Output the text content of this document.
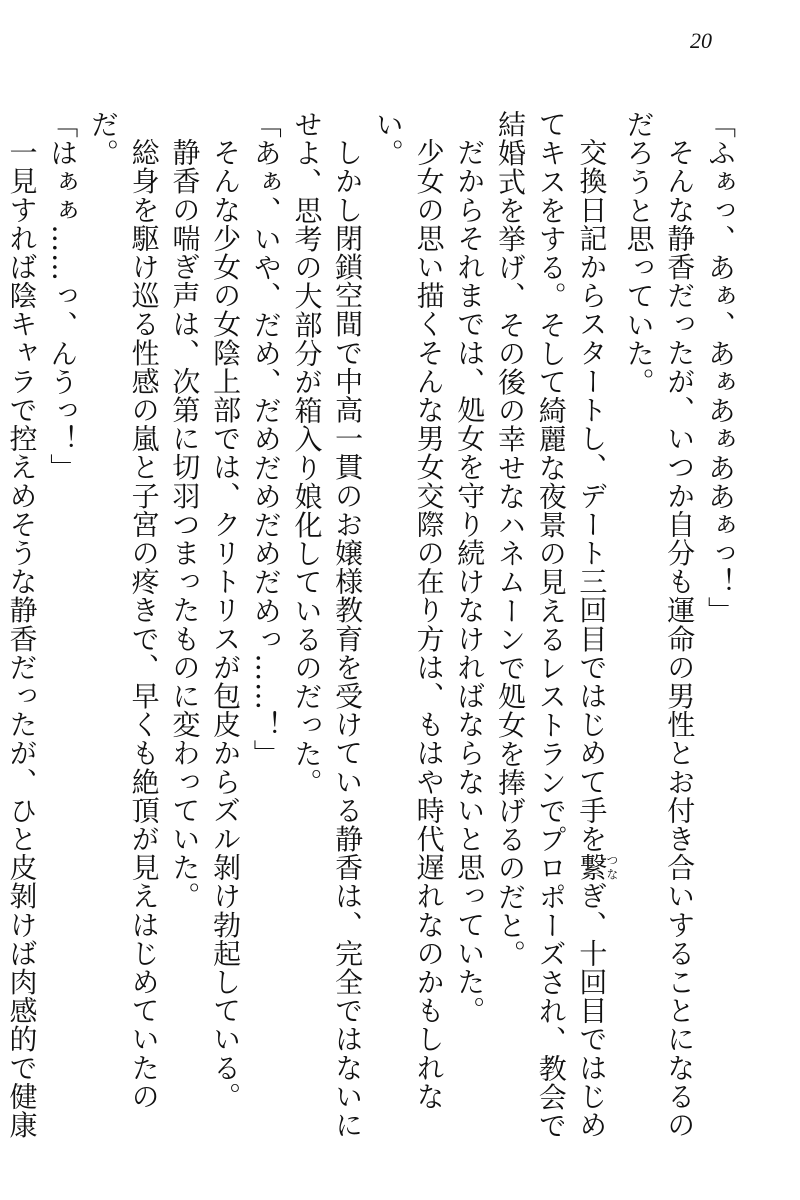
20

「ふぁっ、あぁ、あぁあぁああぁっ！」

そんな静香だったが、いつか自分も運命の男性とお付き合いすることになるのだろうと思っていた。

交換日記からスタートし、デート三回目ではじめて手を繋つなぎ、十回目ではじめてキスをする。そして綺麗な夜景の見えるレストランでプロポーズされ、教会で結婚式を挙げ、その後の幸せなハネムーンで処女を捧げるのだと。

だからそれまでは、処女を守り続けなければならないと思っていた。

少女の思い描くそんな男女交際の在り方は、もはや時代遅れなのかもしれない。

しかし閉鎖空間で中高一貫のお嬢様教育を受けている静香は、完全ではないにせよ、思考の大部分が箱入り娘化しているのだった。

「あぁ、いや、だめ、だめだめだめだめっ……！」

そんな少女の女陰上部では、クリトリスが包皮からズル剝け勃起している。

静香の喘ぎ声は、次第に切羽つまったものに変わっていた。

総身を駆け巡る性感の嵐と子宮の疼きで、早くも絶頂が見えはじめていたのだ。

「はぁぁ……っ、んうっ！」

一見すれば陰キャラで控えめそうな静香だったが、ひと皮剝けば肉感的で健康
